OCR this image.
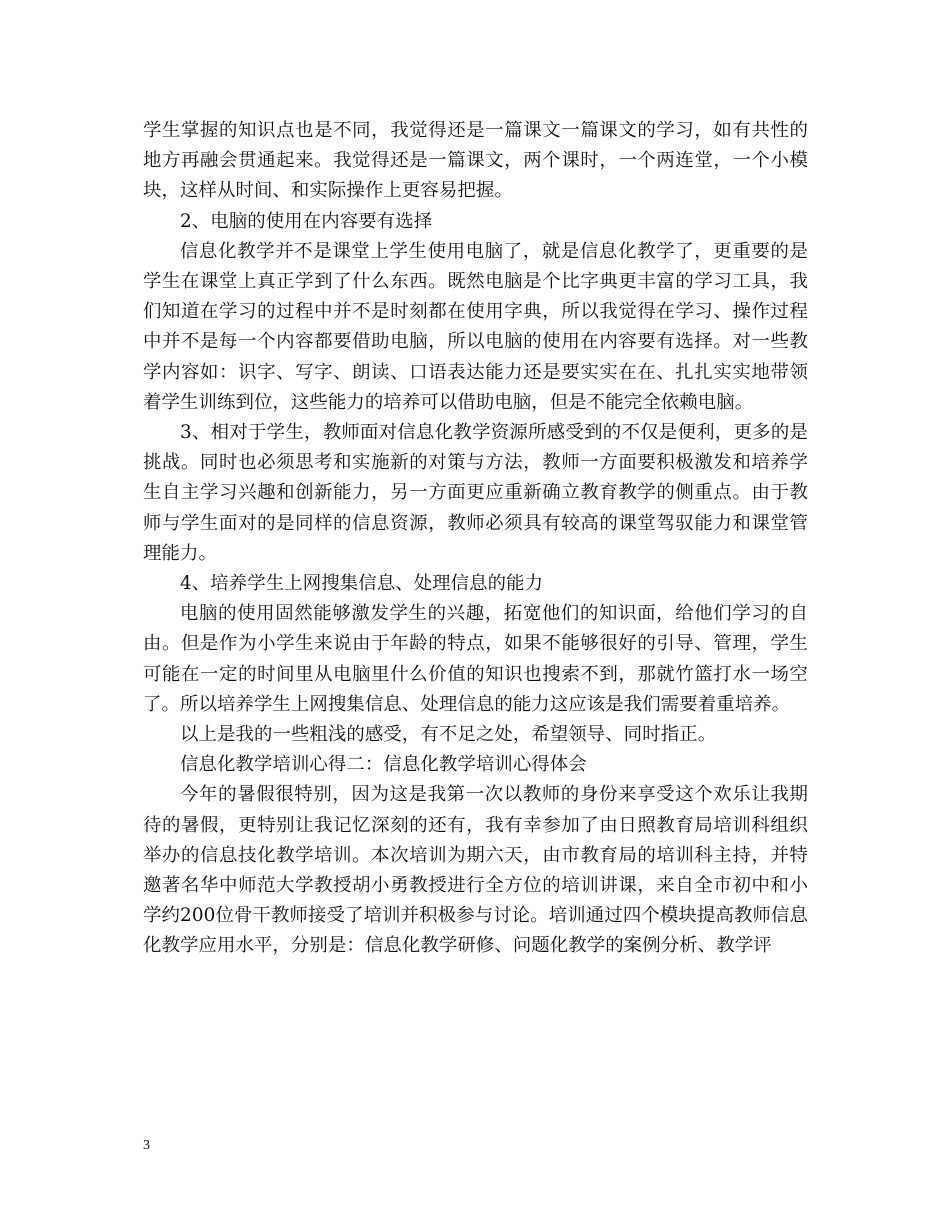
学生掌握的知识点也是不同，我觉得还是一篇课文一篇课文的学习，如有共性的地方再融会贯通起来。我觉得还是一篇课文，两个课时，一个两连堂，一个小模块，这样从时间、和实际操作上更容易把握。

2、电脑的使用在内容要有选择

信息化教学并不是课堂上学生使用电脑了，就是信息化教学了，更重要的是学生在课堂上真正学到了什么东西。既然电脑是个比字典更丰富的学习工具，我们知道在学习的过程中并不是时刻都在使用字典，所以我觉得在学习、操作过程中并不是每一个内容都要借助电脑，所以电脑的使用在内容要有选择。对一些教学内容如：识字、写字、朗读、口语表达能力还是要实实在在、扎扎实实地带领着学生训练到位，这些能力的培养可以借助电脑，但是不能完全依赖电脑。

3、相对于学生，教师面对信息化教学资源所感受到的不仅是便利，更多的是挑战。同时也必须思考和实施新的对策与方法，教师一方面要积极激发和培养学生自主学习兴趣和创新能力，另一方面更应重新确立教育教学的侧重点。由于教师与学生面对的是同样的信息资源，教师必须具有较高的课堂驾驭能力和课堂管理能力。

4、培养学生上网搜集信息、处理信息的能力

电脑的使用固然能够激发学生的兴趣，拓宽他们的知识面，给他们学习的自由。但是作为小学生来说由于年龄的特点，如果不能够很好的引导、管理，学生可能在一定的时间里从电脑里什么价值的知识也搜索不到，那就竹篮打水一场空了。所以培养学生上网搜集信息、处理信息的能力这应该是我们需要着重培养。

以上是我的一些粗浅的感受，有不足之处，希望领导、同时指正。

信息化教学培训心得二：信息化教学培训心得体会

今年的暑假很特别，因为这是我第一次以教师的身份来享受这个欢乐让我期待的暑假，更特别让我记忆深刻的还有，我有幸参加了由日照教育局培训科组织举办的信息技化教学培训。本次培训为期六天，由市教育局的培训科主持，并特邀著名华中师范大学教授胡小勇教授进行全方位的培训讲课，来自全市初中和小学约200位骨干教师接受了培训并积极参与讨论。培训通过四个模块提高教师信息化教学应用水平，分别是：信息化教学研修、问题化教学的案例分析、教学评

3
